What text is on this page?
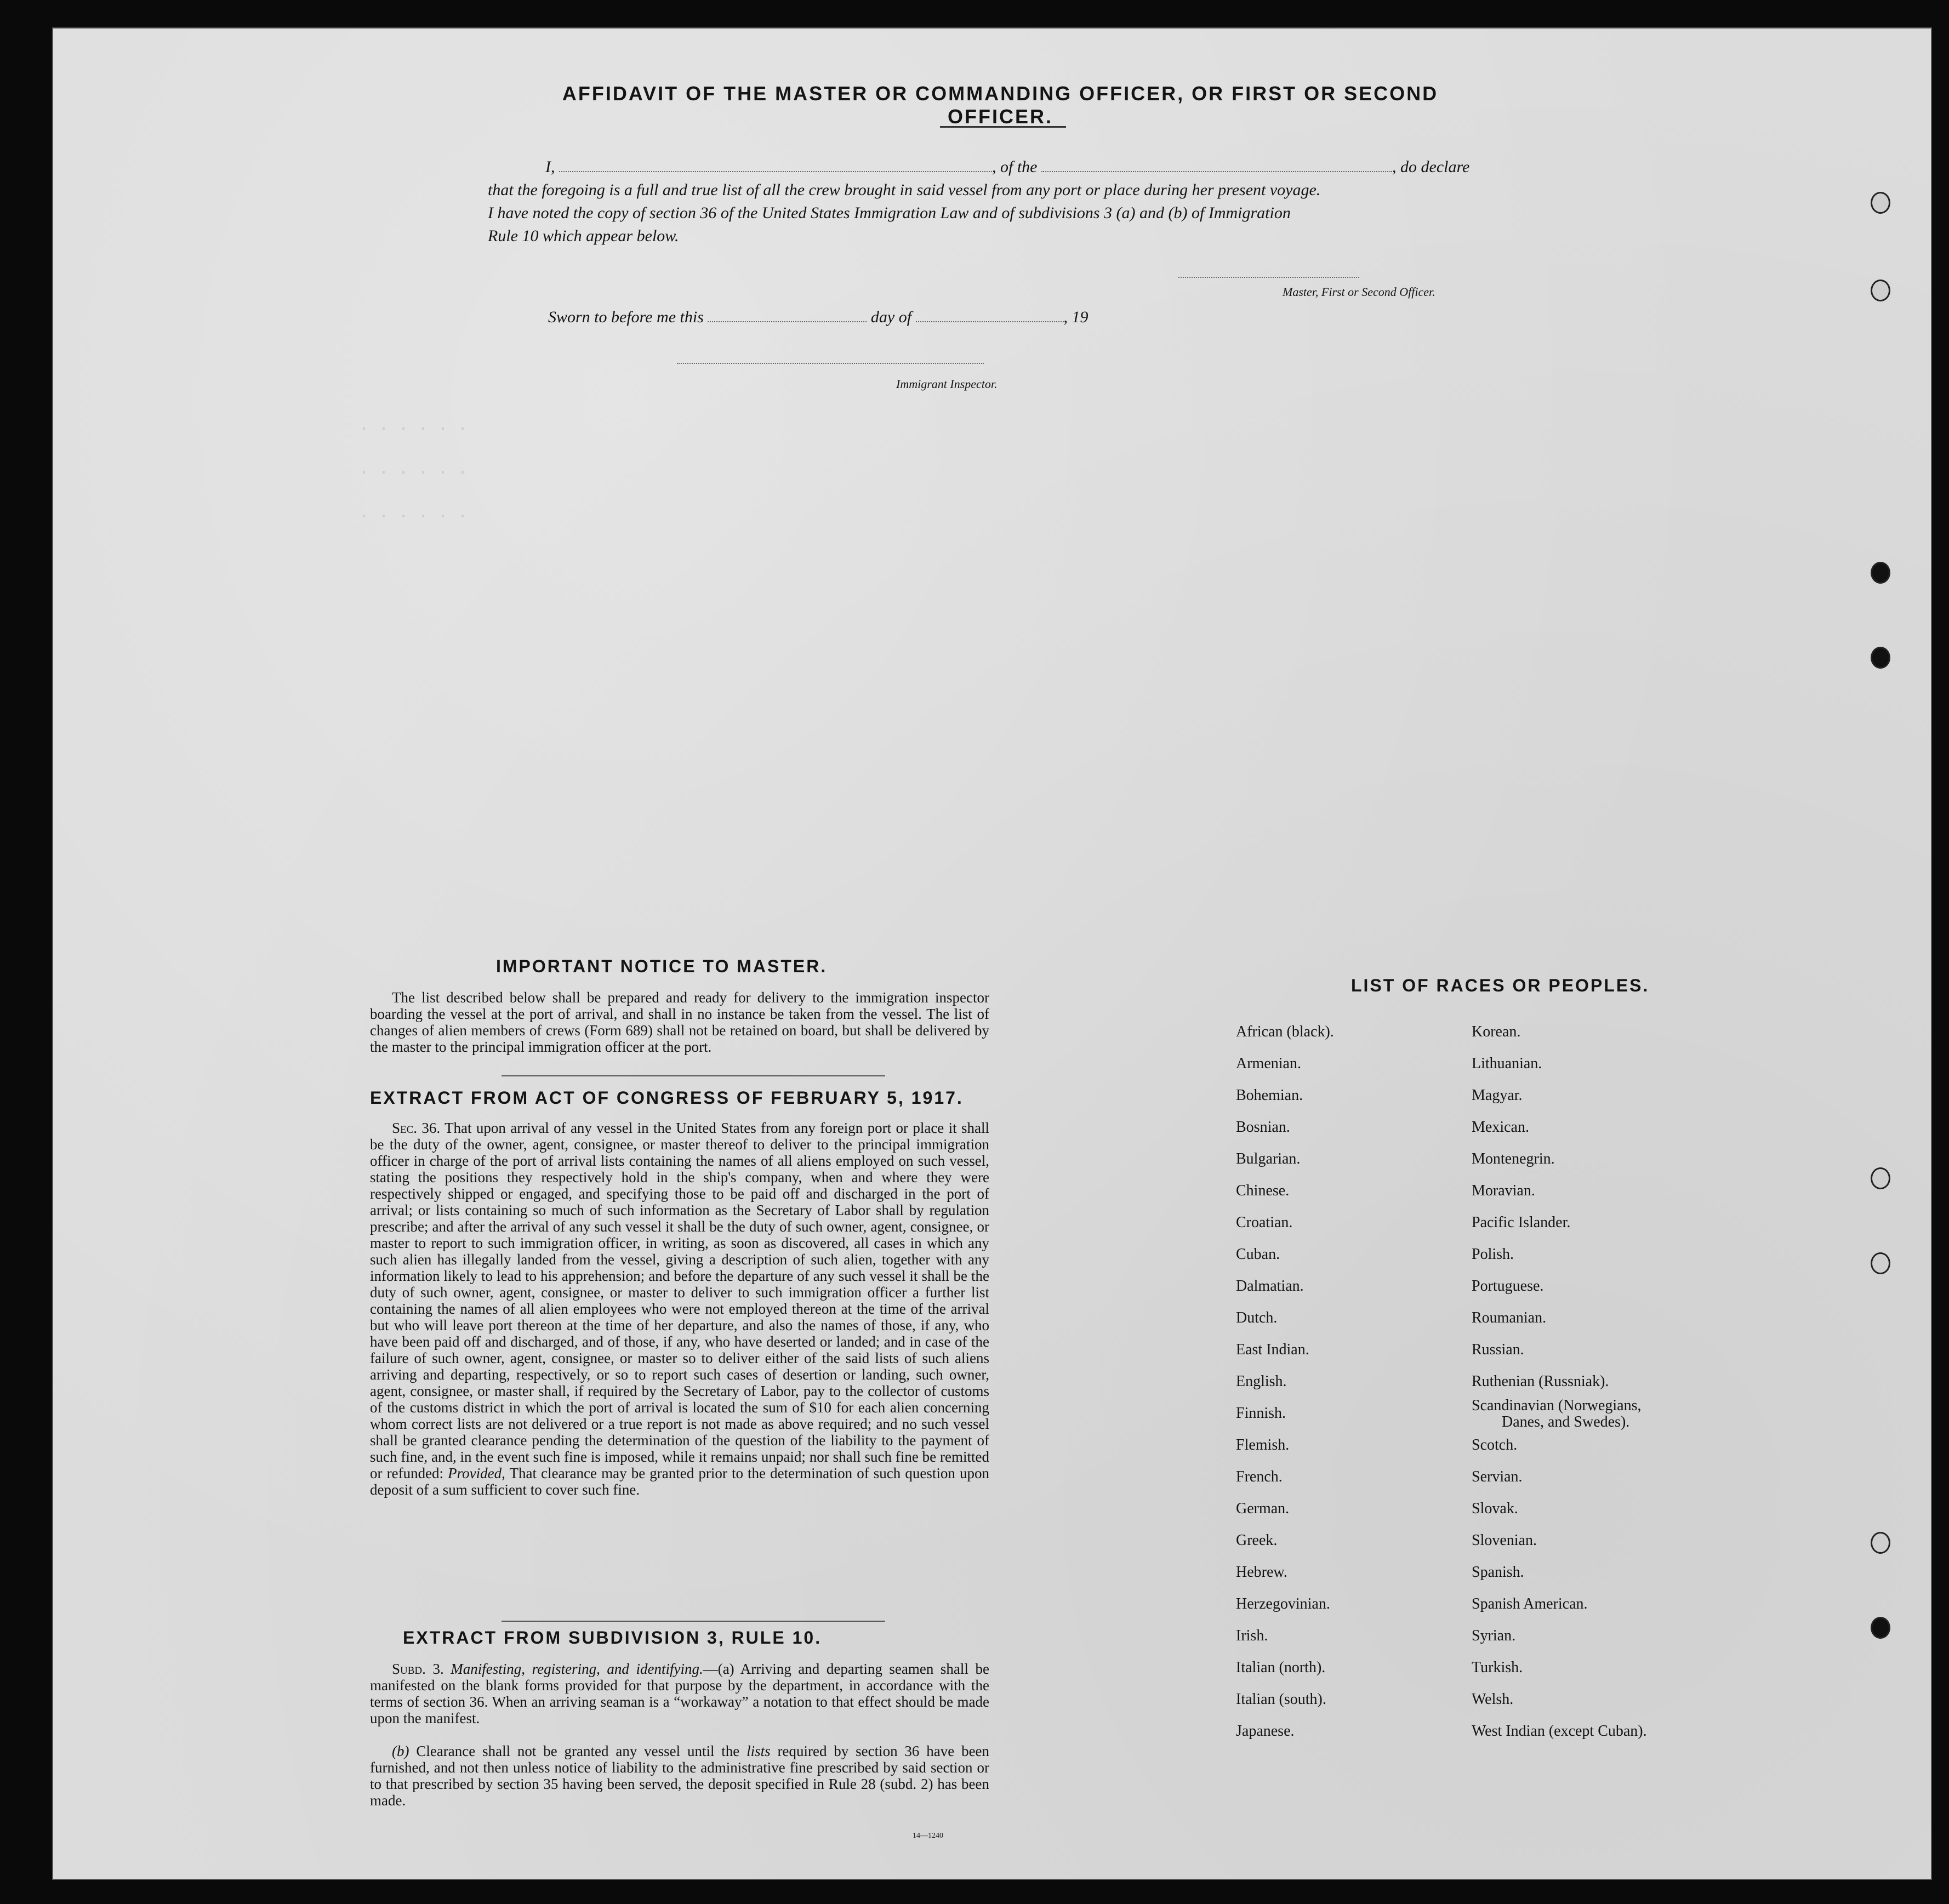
. . . . . .
. . . . . .
. . . . . .
AFFIDAVIT OF THE MASTER OR COMMANDING OFFICER, OR FIRST OR SECOND OFFICER.
I,	, of the	, do declare
that the foregoing is a full and true list of all the crew brought in said vessel from any port or place during her present voyage.
I have noted the copy of section 36 of the United States Immigration Law and of subdivisions 3 (a) and (b) of Immigration
Rule 10 which appear below.
Master, First or Second Officer.
Sworn to before me this	day of	, 19
Immigrant Inspector.
IMPORTANT NOTICE TO MASTER.
The list described below shall be prepared and ready for delivery to the immigration inspector boarding the vessel at the port of arrival, and shall in no instance be taken from the vessel. The list of changes of alien members of crews (Form 689) shall not be retained on board, but shall be delivered by the master to the principal immigration officer at the port.
EXTRACT FROM ACT OF CONGRESS OF FEBRUARY 5, 1917.
Sec. 36. That upon arrival of any vessel in the United States from any foreign port or place it shall be the duty of the owner, agent, consignee, or master thereof to deliver to the principal immigration officer in charge of the port of arrival lists containing the names of all aliens employed on such vessel, stating the positions they respectively hold in the ship's company, when and where they were respectively shipped or engaged, and specifying those to be paid off and discharged in the port of arrival; or lists containing so much of such information as the Secretary of Labor shall by regulation prescribe; and after the arrival of any such vessel it shall be the duty of such owner, agent, consignee, or master to report to such immigration officer, in writing, as soon as discovered, all cases in which any such alien has illegally landed from the vessel, giving a description of such alien, together with any information likely to lead to his apprehension; and before the departure of any such vessel it shall be the duty of such owner, agent, consignee, or master to deliver to such immigration officer a further list containing the names of all alien employees who were not employed thereon at the time of the arrival but who will leave port thereon at the time of her departure, and also the names of those, if any, who have been paid off and discharged, and of those, if any, who have deserted or landed; and in case of the failure of such owner, agent, consignee, or master so to deliver either of the said lists of such aliens arriving and departing, respectively, or so to report such cases of desertion or landing, such owner, agent, consignee, or master shall, if required by the Secretary of Labor, pay to the collector of customs of the customs district in which the port of arrival is located the sum of $10 for each alien concerning whom correct lists are not delivered or a true report is not made as above required; and no such vessel shall be granted clearance pending the determination of the question of the liability to the payment of such fine, and, in the event such fine is imposed, while it remains unpaid; nor shall such fine be remitted or refunded: Provided, That clearance may be granted prior to the determination of such question upon deposit of a sum sufficient to cover such fine.
EXTRACT FROM SUBDIVISION 3, RULE 10.
Subd. 3. Manifesting, registering, and identifying.—(a) Arriving and departing seamen shall be manifested on the blank forms provided for that purpose by the department, in accordance with the terms of section 36. When an arriving seaman is a “workaway” a notation to that effect should be made upon the manifest.
(b) Clearance shall not be granted any vessel until the lists required by section 36 have been furnished, and not then unless notice of liability to the administrative fine prescribed by said section or to that prescribed by section 35 having been served, the deposit specified in Rule 28 (subd. 2) has been made.
14—1240
LIST OF RACES OR PEOPLES.
African (black).
Armenian.
Bohemian.
Bosnian.
Bulgarian.
Chinese.
Croatian.
Cuban.
Dalmatian.
Dutch.
East Indian.
English.
Finnish.
Flemish.
French.
German.
Greek.
Hebrew.
Herzegovinian.
Irish.
Italian (north).
Italian (south).
Japanese.
Korean.
Lithuanian.
Magyar.
Mexican.
Montenegrin.
Moravian.
Pacific Islander.
Polish.
Portuguese.
Roumanian.
Russian.
Ruthenian (Russniak).
Scandinavian (Norwegians,
Danes, and Swedes).
Scotch.
Servian.
Slovak.
Slovenian.
Spanish.
Spanish American.
Syrian.
Turkish.
Welsh.
West Indian (except Cuban).
